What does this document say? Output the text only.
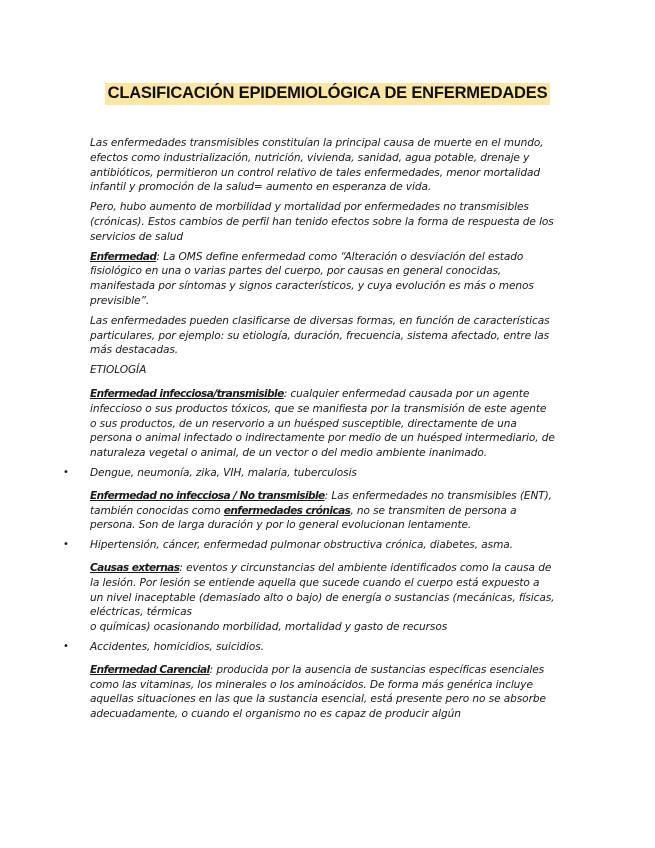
CLASIFICACIÓN EPIDEMIOLÓGICA DE ENFERMEDADES

Las enfermedades transmisibles constituían la principal causa de muerte en el mundo, efectos como industrialización, nutrición, vivienda, sanidad, agua potable, drenaje y antibióticos, permitieron un control relativo de tales enfermedades, menor mortalidad infantil y promoción de la salud= aumento en esperanza de vida.

Pero, hubo aumento de morbilidad y mortalidad por enfermedades no transmisibles (crónicas). Estos cambios de perfil han tenido efectos sobre la forma de respuesta de los servicios de salud

Enfermedad: La OMS define enfermedad como “Alteración o desviación del estado fisiológico en una o varias partes del cuerpo, por causas en general conocidas, manifestada por síntomas y signos característicos, y cuya evolución es más o menos previsible”.

Las enfermedades pueden clasificarse de diversas formas, en función de características particulares, por ejemplo: su etiología, duración, frecuencia, sistema afectado, entre las más destacadas.

ETIOLOGÍA

Enfermedad infecciosa/transmisible: cualquier enfermedad causada por un agente infeccioso o sus productos tóxicos, que se manifiesta por la transmisión de este agente o sus productos, de un reservorio a un huésped susceptible, directamente de una persona o animal infectado o indirectamente por medio de un huésped intermediario, de naturaleza vegetal o animal, de un vector o del medio ambiente inanimado.

• Dengue, neumonía, zika, VIH, malaria, tuberculosis

Enfermedad no infecciosa / No transmisible: Las enfermedades no transmisibles (ENT), también conocidas como enfermedades crónicas, no se transmiten de persona a persona. Son de larga duración y por lo general evolucionan lentamente.

• Hipertensión, cáncer, enfermedad pulmonar obstructiva crónica, diabetes, asma.

Causas externas: eventos y circunstancias del ambiente identificados como la causa de la lesión. Por lesión se entiende aquella que sucede cuando el cuerpo está expuesto a un nivel inaceptable (demasiado alto o bajo) de energía o sustancias (mecánicas, físicas, eléctricas, térmicas

o químicas) ocasionando morbilidad, mortalidad y gasto de recursos

• Accidentes, homicidios, suicidios.

Enfermedad Carencial: producida por la ausencia de sustancias específicas esenciales como las vitaminas, los minerales o los aminoácidos. De forma más genérica incluye aquellas situaciones en las que la sustancia esencial, está presente pero no se absorbe adecuadamente, o cuando el organismo no es capaz de producir algún
